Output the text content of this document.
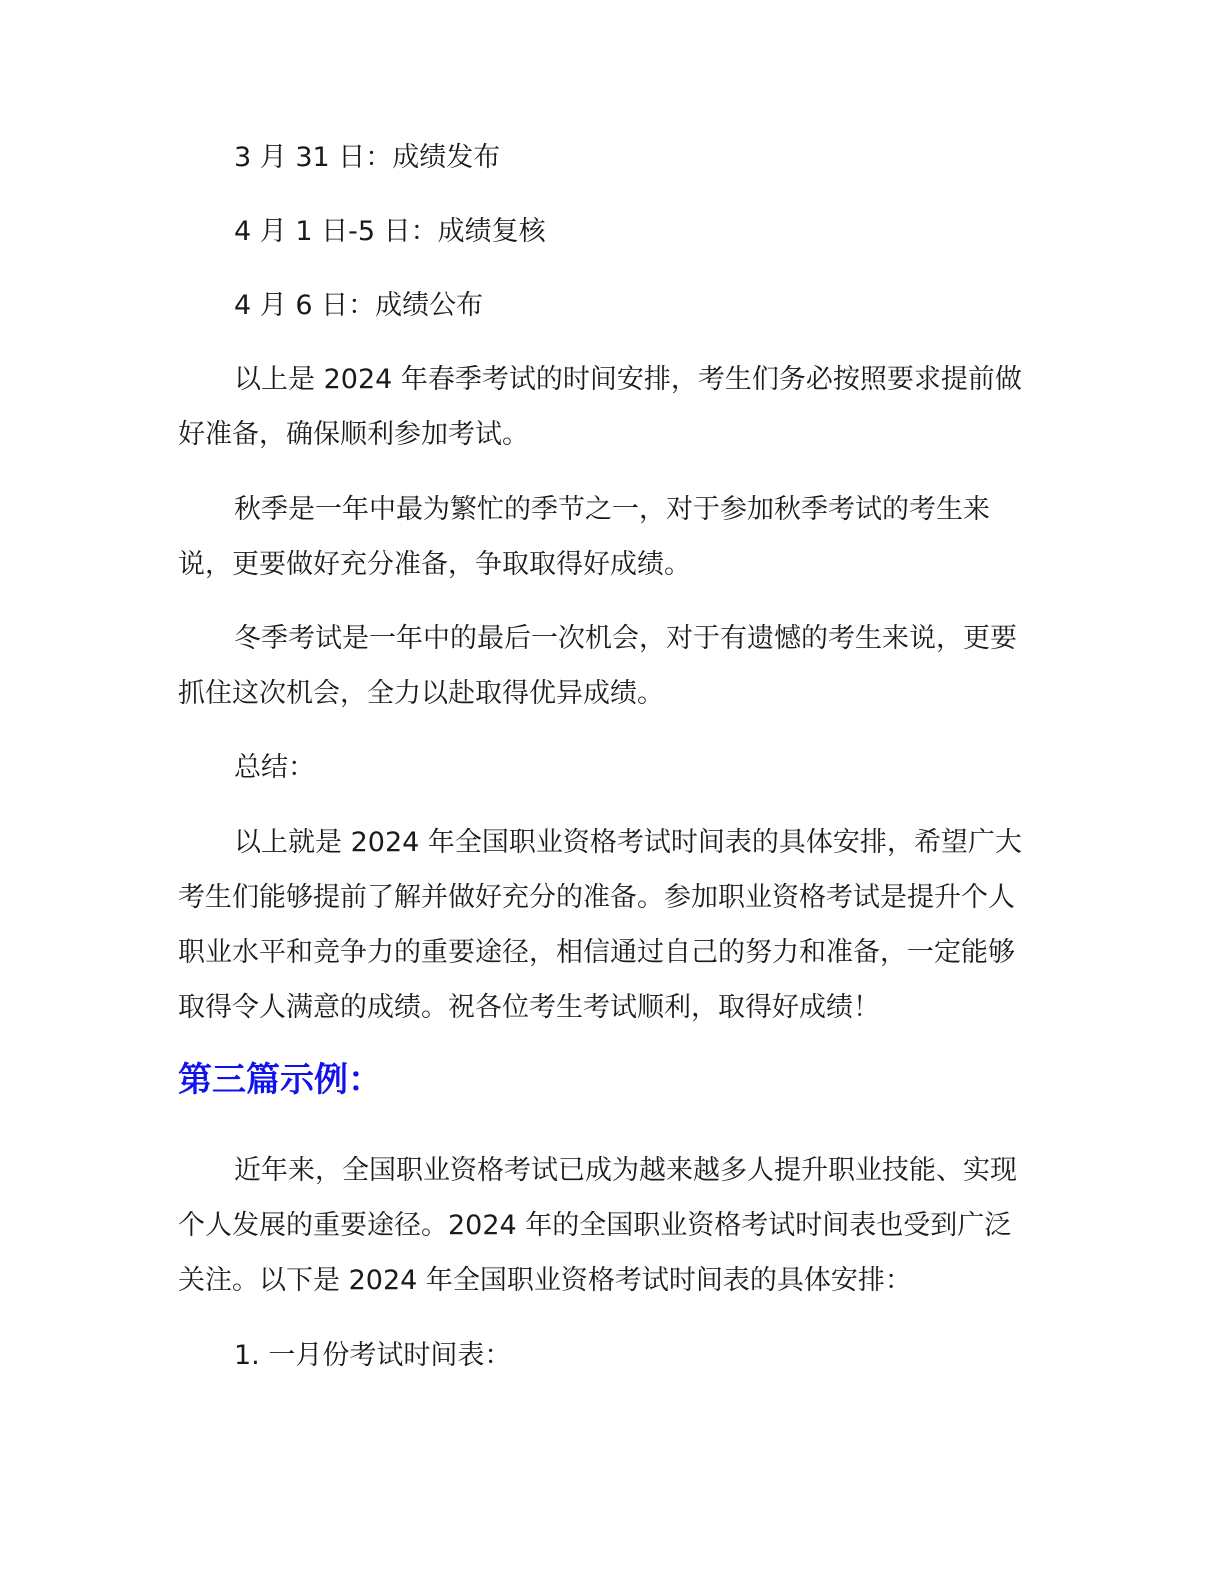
3 月 31 日：成绩发布

4 月 1 日-5 日：成绩复核

4 月 6 日：成绩公布

以上是 2024 年春季考试的时间安排，考生们务必按照要求提前做好准备，确保顺利参加考试。

秋季是一年中最为繁忙的季节之一，对于参加秋季考试的考生来说，更要做好充分准备，争取取得好成绩。

冬季考试是一年中的最后一次机会，对于有遗憾的考生来说，更要抓住这次机会，全力以赴取得优异成绩。

总结：

以上就是 2024 年全国职业资格考试时间表的具体安排，希望广大考生们能够提前了解并做好充分的准备。参加职业资格考试是提升个人职业水平和竞争力的重要途径，相信通过自己的努力和准备，一定能够取得令人满意的成绩。祝各位考生考试顺利，取得好成绩！

第三篇示例：

近年来，全国职业资格考试已成为越来越多人提升职业技能、实现个人发展的重要途径。2024 年的全国职业资格考试时间表也受到广泛关注。以下是 2024 年全国职业资格考试时间表的具体安排：

1. 一月份考试时间表：
